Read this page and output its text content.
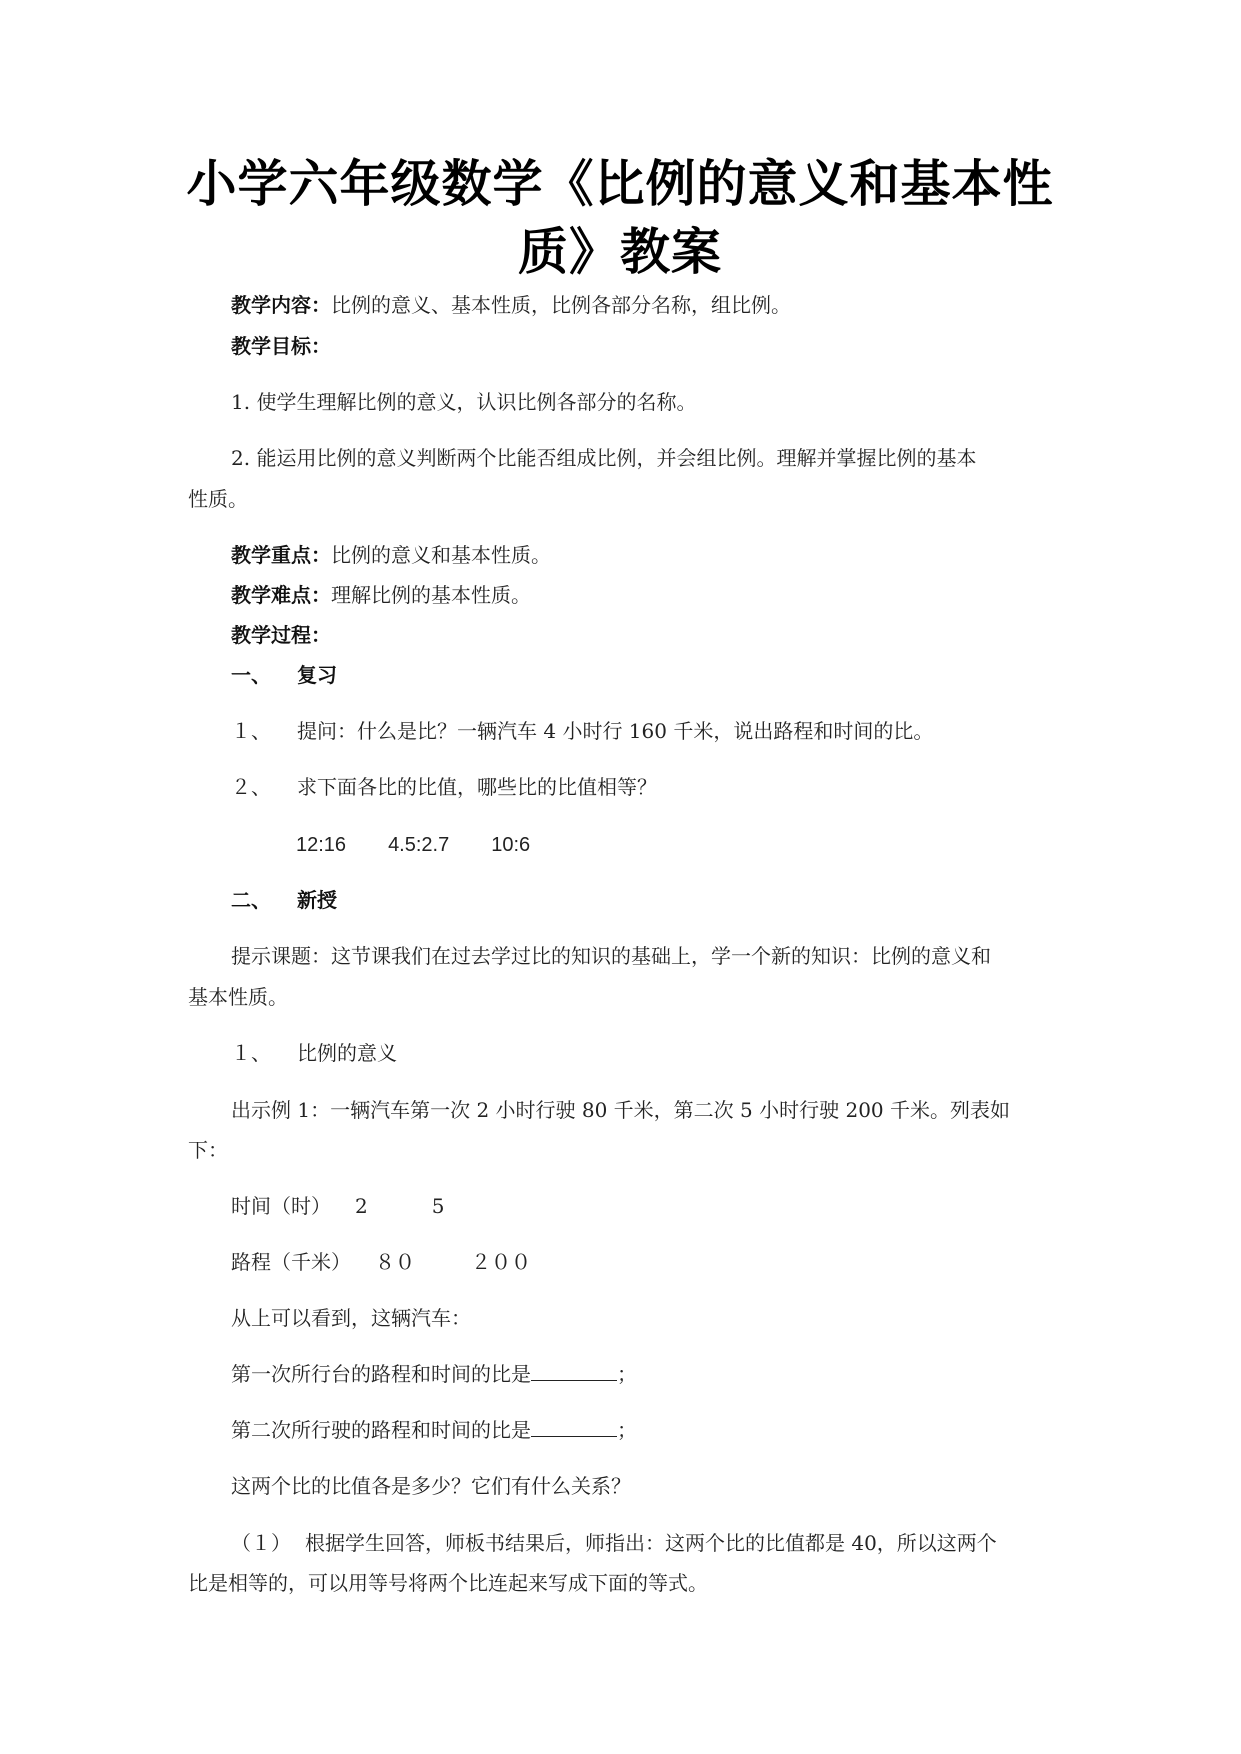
小学六年级数学《比例的意义和基本性
质》教案
教学内容：比例的意义、基本性质，比例各部分名称，组比例。
教学目标：
1. 使学生理解比例的意义，认识比例各部分的名称。
2. 能运用比例的意义判断两个比能否组成比例，并会组比例。理解并掌握比例的基本
性质。
教学重点：比例的意义和基本性质。
教学难点：理解比例的基本性质。
教学过程：
一、 复习
１、 提问：什么是比？一辆汽车 4 小时行 160 千米，说出路程和时间的比。
２、 求下面各比的比值，哪些比的比值相等？
12:16 4.5:2.7 10:6
二、 新授
提示课题：这节课我们在过去学过比的知识的基础上，学一个新的知识：比例的意义和
基本性质。
１、 比例的意义
出示例 1：一辆汽车第一次 2 小时行驶 80 千米，第二次 5 小时行驶 200 千米。列表如
下：
时间（时） 2	5
路程（千米） ８０	２００
从上可以看到，这辆汽车：
第一次所行台的路程和时间的比是	；
第二次所行驶的路程和时间的比是	；
这两个比的比值各是多少？它们有什么关系？
（１） 根据学生回答，师板书结果后，师指出：这两个比的比值都是 40，所以这两个
比是相等的，可以用等号将两个比连起来写成下面的等式。
